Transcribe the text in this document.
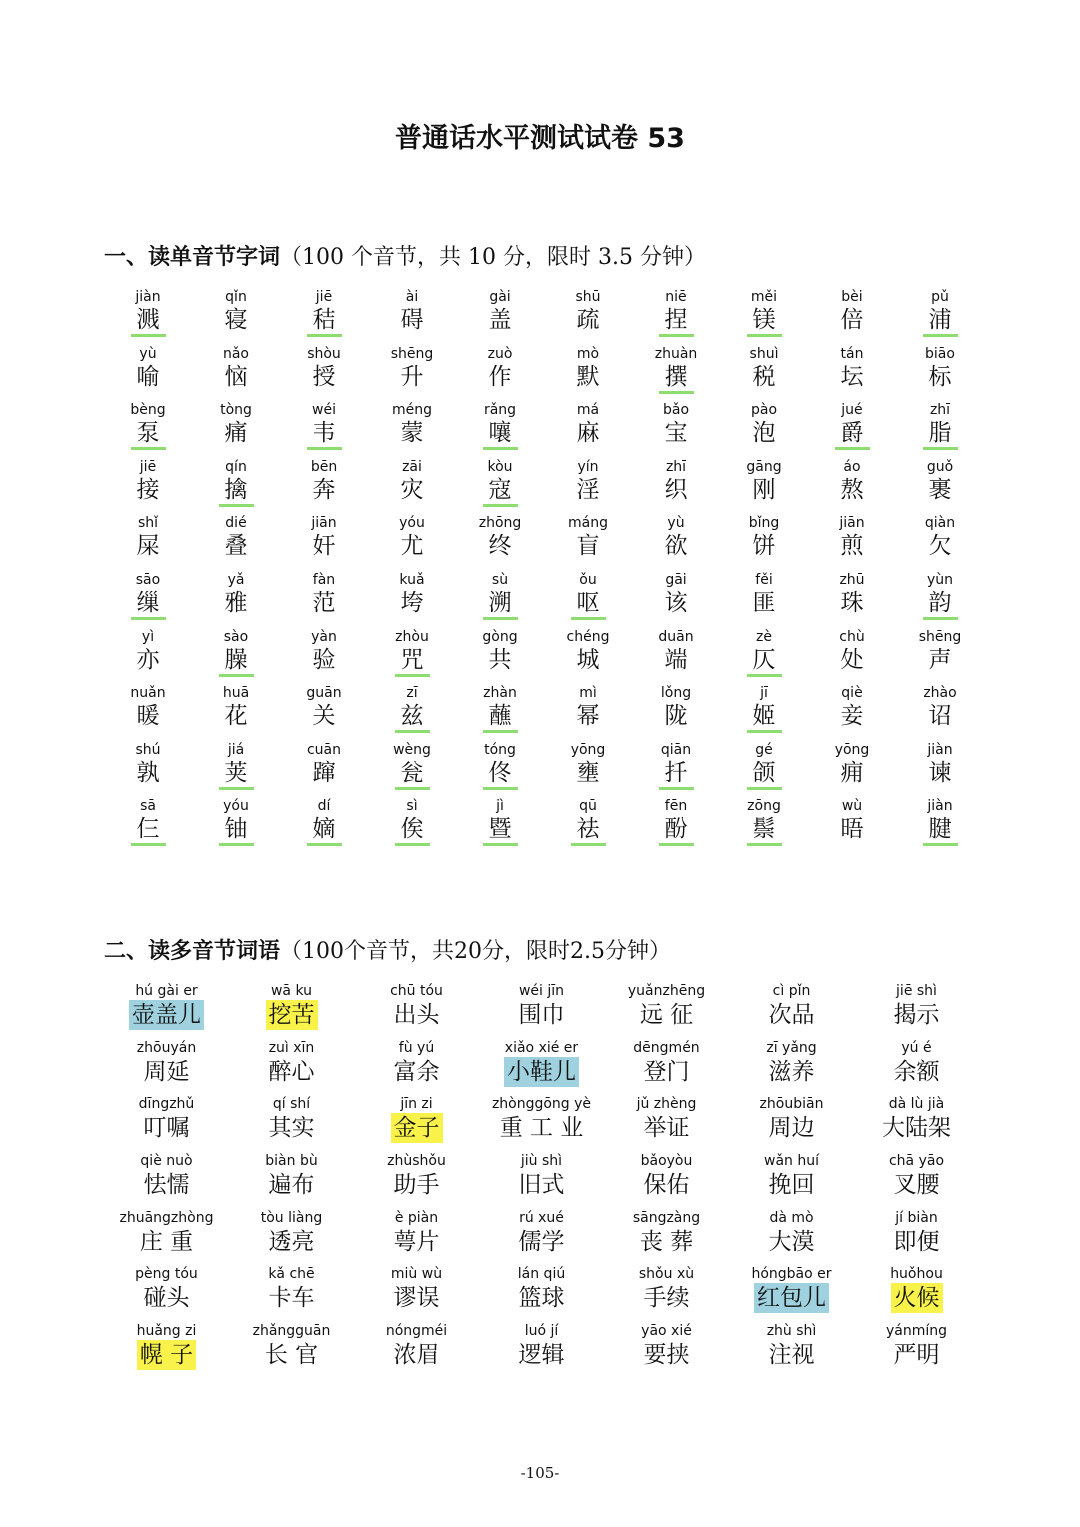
普通话水平测试试卷 53
一、读单音节字词（100 个音节，共 10 分，限时 3.5 分钟）
jiàn
溅
qǐn
寝
jiē
秸
ài
碍
gài
盖
shū
疏
niē
捏
měi
镁
bèi
倍
pǔ
浦
yù
喻
nǎo
恼
shòu
授
shēng
升
zuò
作
mò
默
zhuàn
撰
shuì
税
tán
坛
biāo
标
bèng
泵
tòng
痛
wéi
韦
méng
蒙
rǎng
嚷
má
麻
bǎo
宝
pào
泡
jué
爵
zhī
脂
jiē
接
qín
擒
bēn
奔
zāi
灾
kòu
寇
yín
淫
zhī
织
gāng
刚
áo
熬
guǒ
裹
shǐ
屎
dié
叠
jiān
奸
yóu
尤
zhōng
终
máng
盲
yù
欲
bǐng
饼
jiān
煎
qiàn
欠
sāo
缫
yǎ
雅
fàn
范
kuǎ
垮
sù
溯
ǒu
呕
gāi
该
fěi
匪
zhū
珠
yùn
韵
yì
亦
sào
臊
yàn
验
zhòu
咒
gòng
共
chéng
城
duān
端
zè
仄
chù
处
shēng
声
nuǎn
暖
huā
花
guān
关
zī
兹
zhàn
蘸
mì
幂
lǒng
陇
jī
姬
qiè
妾
zhào
诏
shú
孰
jiá
荚
cuān
蹿
wèng
瓮
tóng
佟
yōng
壅
qiān
扦
gé
颌
yōng
痈
jiàn
谏
sā
仨
yóu
铀
dí
嫡
sì
俟
jì
暨
qū
祛
fēn
酚
zōng
鬃
wù
晤
jiàn
腱
二、读多音节词语（100个音节，共20分，限时2.5分钟）
hú gài er
壶盖儿
wā ku
挖苦
chū tóu
出头
wéi jīn
围巾
yuǎnzhēng
远 征
cì pǐn
次品
jiē shì
揭示
zhōuyán
周延
zuì xīn
醉心
fù yú
富余
xiǎo xié er
小鞋儿
dēngmén
登门
zī yǎng
滋养
yú é
余额
dīngzhǔ
叮嘱
qí shí
其实
jīn zi
金子
zhònggōng yè
重 工 业
jǔ zhèng
举证
zhōubiān
周边
dà lù jià
大陆架
qiè nuò
怯懦
biàn bù
遍布
zhùshǒu
助手
jiù shì
旧式
bǎoyòu
保佑
wǎn huí
挽回
chā yāo
叉腰
zhuāngzhòng
庄 重
tòu liàng
透亮
è piàn
萼片
rú xué
儒学
sāngzàng
丧 葬
dà mò
大漠
jí biàn
即便
pèng tóu
碰头
kǎ chē
卡车
miù wù
谬误
lán qiú
篮球
shǒu xù
手续
hóngbāo er
红包儿
huǒhou
火候
huǎng zi
幌 子
zhǎngguān
长 官
nóngméi
浓眉
luó jí
逻辑
yāo xié
要挟
zhù shì
注视
yánmíng
严明
-105-
